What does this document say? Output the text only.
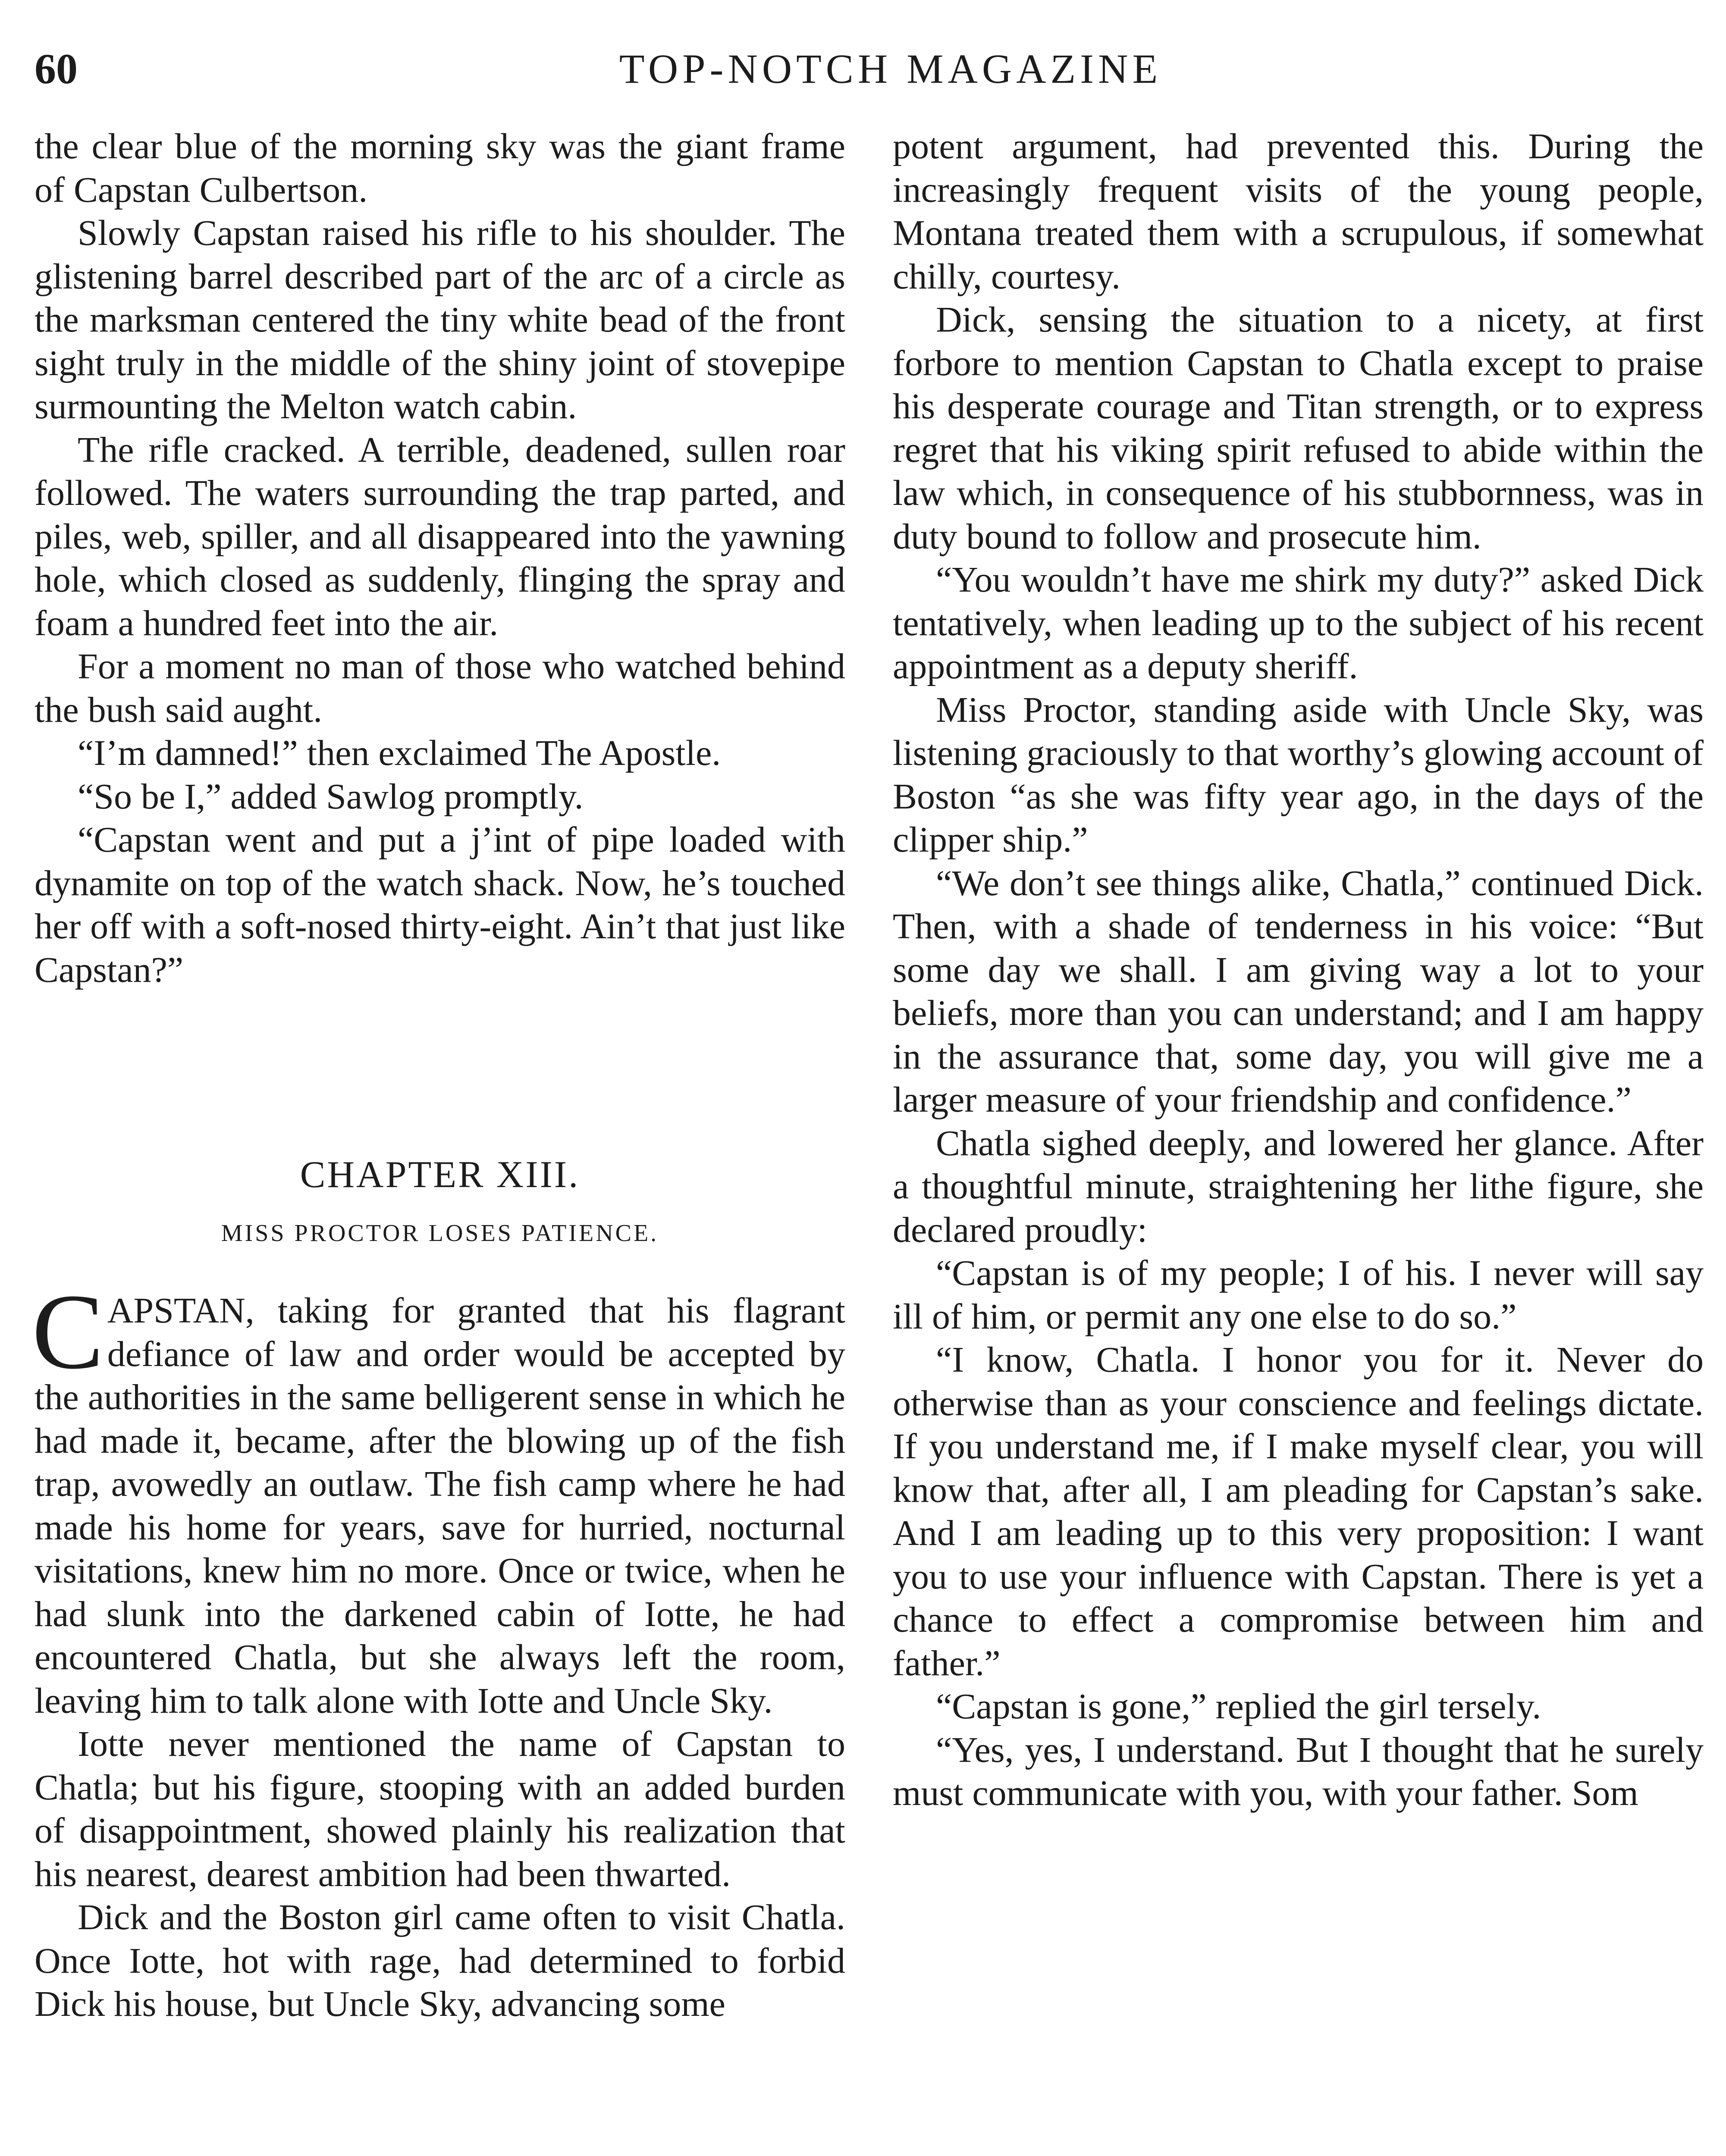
60	TOP-NOTCH MAGAZINE

the clear blue of the morning sky was the giant frame of Capstan Culbertson.

Slowly Capstan raised his rifle to his shoulder. The glistening barrel described part of the arc of a circle as the marksman centered the tiny white bead of the front sight truly in the middle of the shiny joint of stovepipe surmounting the Melton watch cabin.

The rifle cracked. A terrible, deadened, sullen roar followed. The waters surrounding the trap parted, and piles, web, spiller, and all disappeared into the yawning hole, which closed as suddenly, flinging the spray and foam a hundred feet into the air.

For a moment no man of those who watched behind the bush said aught.

“I’m damned!” then exclaimed The Apostle.

“So be I,” added Sawlog promptly.

“Capstan went and put a j’int of pipe loaded with dynamite on top of the watch shack. Now, he’s touched her off with a soft-nosed thirty-eight. Ain’t that just like Capstan?”

CHAPTER XIII.
MISS PROCTOR LOSES PATIENCE.

CAPSTAN, taking for granted that his flagrant defiance of law and order would be accepted by the authorities in the same belligerent sense in which he had made it, became, after the blowing up of the fish trap, avowedly an outlaw. The fish camp where he had made his home for years, save for hurried, nocturnal visitations, knew him no more. Once or twice, when he had slunk into the darkened cabin of Iotte, he had encountered Chatla, but she always left the room, leaving him to talk alone with Iotte and Uncle Sky.

Iotte never mentioned the name of Capstan to Chatla; but his figure, stooping with an added burden of disappointment, showed plainly his realization that his nearest, dearest ambition had been thwarted.

Dick and the Boston girl came often to visit Chatla. Once Iotte, hot with rage, had determined to forbid Dick his house, but Uncle Sky, advancing some

potent argument, had prevented this. During the increasingly frequent visits of the young people, Montana treated them with a scrupulous, if somewhat chilly, courtesy.

Dick, sensing the situation to a nicety, at first forbore to mention Capstan to Chatla except to praise his desperate courage and Titan strength, or to express regret that his viking spirit refused to abide within the law which, in consequence of his stubbornness, was in duty bound to follow and prosecute him.

“You wouldn’t have me shirk my duty?” asked Dick tentatively, when leading up to the subject of his recent appointment as a deputy sheriff.

Miss Proctor, standing aside with Uncle Sky, was listening graciously to that worthy’s glowing account of Boston “as she was fifty year ago, in the days of the clipper ship.”

“We don’t see things alike, Chatla,” continued Dick. Then, with a shade of tenderness in his voice: “But some day we shall. I am giving way a lot to your beliefs, more than you can understand; and I am happy in the assurance that, some day, you will give me a larger measure of your friendship and confidence.”

Chatla sighed deeply, and lowered her glance. After a thoughtful minute, straightening her lithe figure, she declared proudly:

“Capstan is of my people; I of his. I never will say ill of him, or permit any one else to do so.”

“I know, Chatla. I honor you for it. Never do otherwise than as your conscience and feelings dictate. If you understand me, if I make myself clear, you will know that, after all, I am pleading for Capstan’s sake. And I am leading up to this very proposition: I want you to use your influence with Capstan. There is yet a chance to effect a compromise between him and father.”

“Capstan is gone,” replied the girl tersely.

“Yes, yes, I understand. But I thought that he surely must communicate with you, with your father. Som
